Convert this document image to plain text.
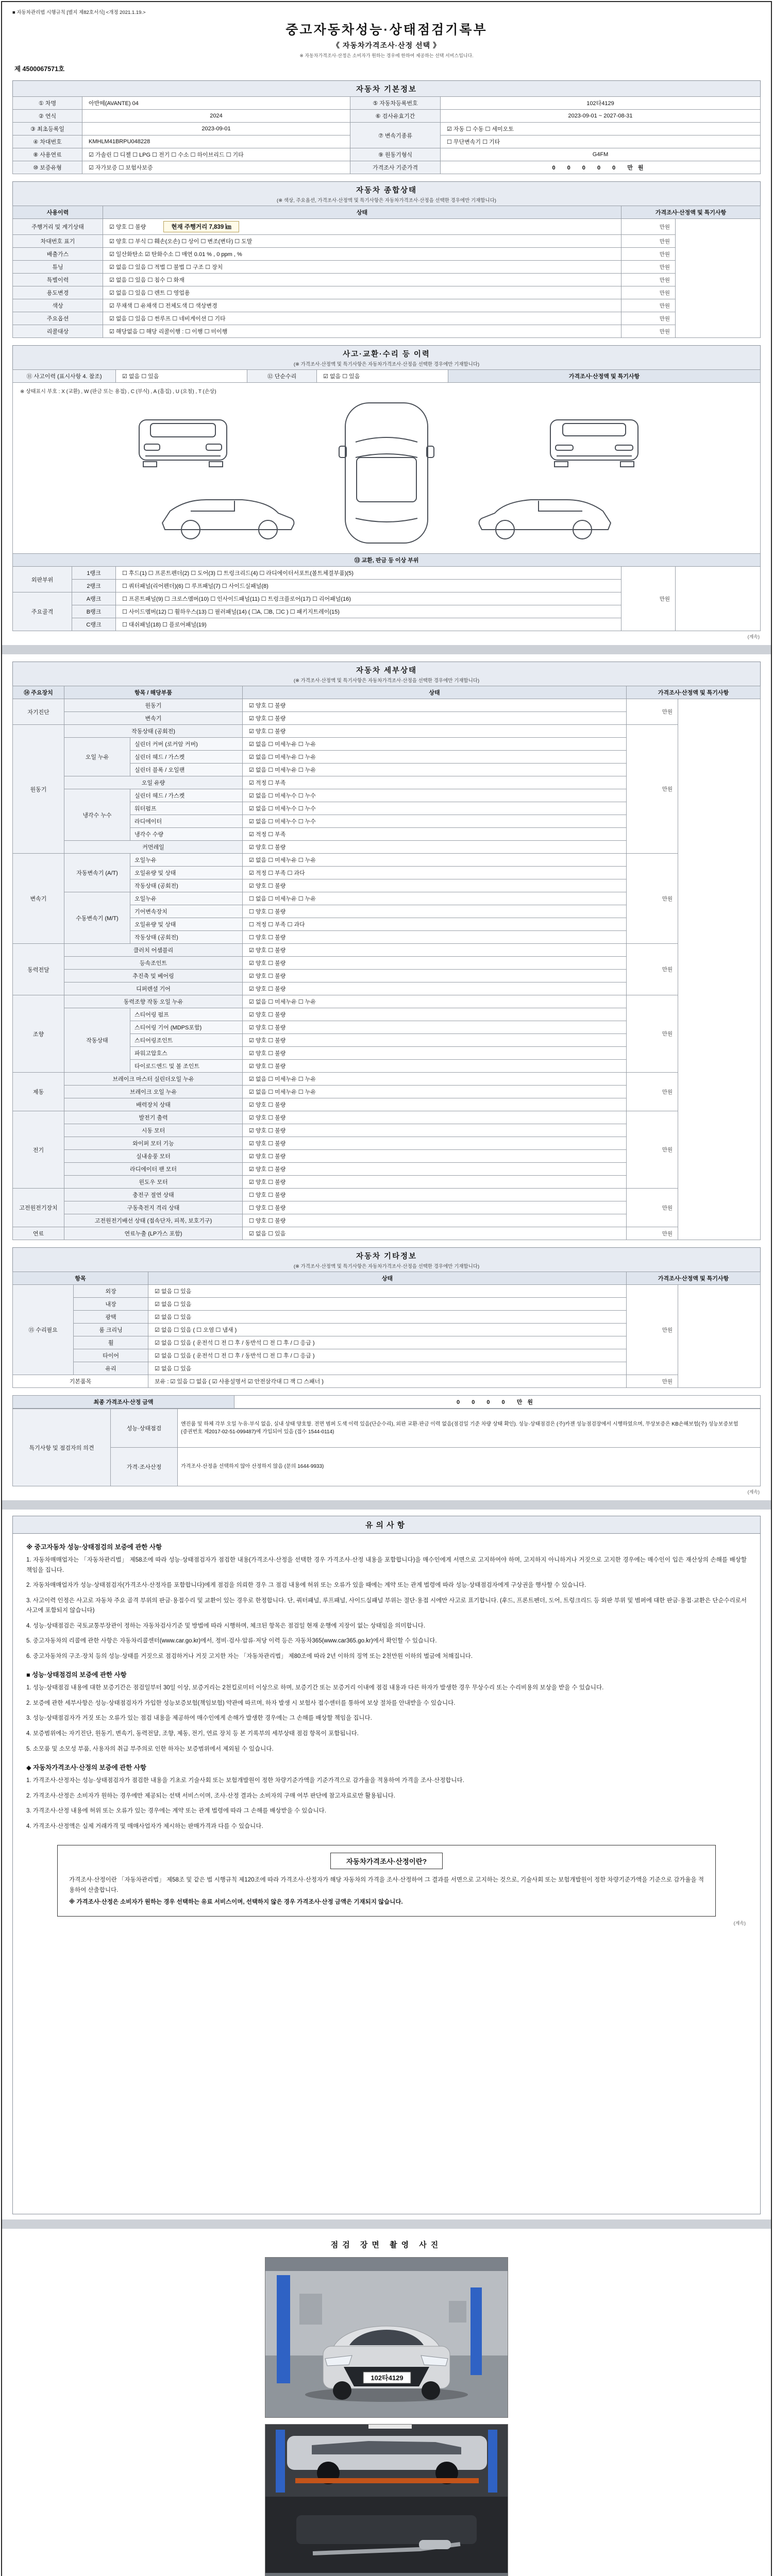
■ 자동차관리법 시행규칙 [별지 제82호서식] <개정 2021.1.19.>
중고자동차성능·상태점검기록부
《 자동차가격조사·산정 선택 》
※ 자동차가격조사·산정은 소비자가 원하는 경우에 한하여 제공하는 선택 서비스입니다.
제 4500067571호
자동차 기본정보
① 차명	아반떼(AVANTE) 04	⑤ 자동차등록번호	102타4129
② 연식	2024	⑥ 검사유효기간	2023-09-01 ~ 2027-08-31
③ 최초등록일	2023-09-01	⑦ 변속기종류	☑ 자동 ☐ 수동 ☐ 세미오토
④ 차대번호	KMHLM41BRPU048228		☐ 무단변속기 ☐ 기타
⑧ 사용연료	☑ 가솔린 ☐ 디젤 ☐ LPG ☐ 전기 ☐ 수소 ☐ 하이브리드 ☐ 기타	⑨ 원동기형식	G4FM
⑩ 보증유형	☑ 자가보증 ☐ 보험사보증	가격조사 기준가격	0 0 0 0 0 만원
자동차 종합상태
(※ 색상, 주요옵션, 가격조사·산정액 및 특기사항은 자동차가격조사·산정을 선택한 경우에만 기재합니다)
사용이력	상태	가격조사·산정액 및 특기사항	
주행거리 및 계기상태	☑ 양호 ☐ 불량 현재 주행거리 7,839 ㎞	만원	
차대번호 표기	☑ 양호 ☐ 부식 ☐ 훼손(오손) ☐ 상이 ☐ 변조(변타) ☐ 도말	만원	
배출가스	☑ 일산화탄소 ☑ 탄화수소 ☐ 매연 0.01 % , 0 ppm , %	만원	
튜닝	☑ 없음 ☐ 있음 ☐ 적법 ☐ 불법 ☐ 구조 ☐ 장치	만원	
특별이력	☑ 없음 ☐ 있음 ☐ 침수 ☐ 화재	만원	
용도변경	☑ 없음 ☐ 있음 ☐ 렌트 ☐ 영업용	만원	
색상	☑ 무채색 ☐ 유채색 ☐ 전체도색 ☐ 색상변경	만원	
주요옵션	☑ 없음 ☐ 있음 ☐ 썬루프 ☐ 네비게이션 ☐ 기타	만원	
리콜대상	☑ 해당없음 ☐ 해당 리콜이행 : ☐ 이행 ☐ 미이행	만원	
사고·교환·수리 등 이력
(※ 가격조사·산정액 및 특기사항은 자동차가격조사·산정을 선택한 경우에만 기재합니다)
⑪ 사고이력 (표시사항 4. 참조)	☑ 없음 ☐ 있음	⑫ 단순수리	☑ 없음 ☐ 있음	가격조사·산정액 및 특기사항

※ 상태표시 부호 : X (교환) , W (판금 또는 용접) , C (부식) , A (흠집) , U (요철) , T (손상)

⑬ 교환, 판금 등 이상 부위				
외판부위	1랭크	☐ 후드(1) ☐ 프론트펜더(2) ☐ 도어(3) ☐ 트렁크리드(4) ☐ 라디에이터서포트(볼트체결부품)(5)	만원	
	2랭크	☐ 쿼터패널(리어펜더)(6) ☐ 루프패널(7) ☐ 사이드실패널(8)		
주요골격	A랭크	☐ 프론트패널(9) ☐ 크로스멤버(10) ☐ 인사이드패널(11) ☐ 트렁크플로어(17) ☐ 리어패널(16)		
	B랭크	☐ 사이드멤버(12) ☐ 휠하우스(13) ☐ 필러패널(14) ( ☐A, ☐B, ☐C ) ☐ 패키지트레이(15)		
	C랭크	☐ 대쉬패널(18) ☐ 플로어패널(19)		
(계속)
자동차 세부상태
(※ 가격조사·산정액 및 특기사항은 자동차가격조사·산정을 선택한 경우에만 기재합니다)
⑭ 주요장치	항목 / 해당부품		상태	가격조사·산정액 및 특기사항	
자기진단	원동기		☑ 양호 ☐ 불량	만원	
	변속기		☑ 양호 ☐ 불량		
원동기	작동상태 (공회전)		☑ 양호 ☐ 불량	만원	
	오일 누유	실린더 커버 (로커암 커버)	☑ 없음 ☐ 미세누유 ☐ 누유		
		실린더 헤드 / 가스켓	☑ 없음 ☐ 미세누유 ☐ 누유		
		실린더 블록 / 오일팬	☑ 없음 ☐ 미세누유 ☐ 누유		
	오일 유량		☑ 적정 ☐ 부족		
	냉각수 누수	실린더 헤드 / 가스켓	☑ 없음 ☐ 미세누수 ☐ 누수		
		워터펌프	☑ 없음 ☐ 미세누수 ☐ 누수		
		라디에이터	☑ 없음 ☐ 미세누수 ☐ 누수		
		냉각수 수량	☑ 적정 ☐ 부족		
	커먼레일		☑ 양호 ☐ 불량		
변속기	자동변속기 (A/T)	오일누유	☑ 없음 ☐ 미세누유 ☐ 누유	만원	
		오일유량 및 상태	☑ 적정 ☐ 부족 ☐ 과다		
		작동상태 (공회전)	☑ 양호 ☐ 불량		
	수동변속기 (M/T)	오일누유	☐ 없음 ☐ 미세누유 ☐ 누유		
		기어변속장치	☐ 양호 ☐ 불량		
		오일유량 및 상태	☐ 적정 ☐ 부족 ☐ 과다		
		작동상태 (공회전)	☐ 양호 ☐ 불량		
동력전달	클러치 어셈블리		☑ 양호 ☐ 불량	만원	
	등속조인트		☑ 양호 ☐ 불량		
	추진축 및 베어링		☑ 양호 ☐ 불량		
	디퍼렌셜 기어		☑ 양호 ☐ 불량		
조향	동력조향 작동 오일 누유		☑ 없음 ☐ 미세누유 ☐ 누유	만원	
	작동상태	스티어링 펌프	☑ 양호 ☐ 불량		
		스티어링 기어 (MDPS포함)	☑ 양호 ☐ 불량		
		스티어링조인트	☑ 양호 ☐ 불량		
		파워고압호스	☑ 양호 ☐ 불량		
		타이로드엔드 및 볼 조인트	☑ 양호 ☐ 불량		
제동	브레이크 마스터 실린더오일 누유		☑ 없음 ☐ 미세누유 ☐ 누유	만원	
	브레이크 오일 누유		☑ 없음 ☐ 미세누유 ☐ 누유		
	배력장치 상태		☑ 양호 ☐ 불량		
전기	발전기 출력		☑ 양호 ☐ 불량	만원	
	시동 모터		☑ 양호 ☐ 불량		
	와이퍼 모터 기능		☑ 양호 ☐ 불량		
	실내송풍 모터		☑ 양호 ☐ 불량		
	라디에이터 팬 모터		☑ 양호 ☐ 불량		
	윈도우 모터		☑ 양호 ☐ 불량		
고전원전기장치	충전구 절연 상태		☐ 양호 ☐ 불량	만원	
	구동축전지 격리 상태		☐ 양호 ☐ 불량		
	고전원전기배선 상태 (접속단자, 피복, 보호기구)		☐ 양호 ☐ 불량		
연료	연료누출 (LP가스 포함)		☑ 없음 ☐ 있음	만원	
자동차 기타정보
(※ 가격조사·산정액 및 특기사항은 자동차가격조사·산정을 선택한 경우에만 기재합니다)
항목		상태	가격조사·산정액 및 특기사항	
⑮ 수리필요	외장	☑ 없음 ☐ 있음	만원	
	내장	☑ 없음 ☐ 있음		
	광택	☑ 없음 ☐ 있음		
	룸 크리닝	☑ 없음 ☐ 있음 ( ☐ 오염 ☐ 냄새 )		
	휠	☑ 없음 ☐ 있음 ( 운전석 ☐ 전 ☐ 후 / 동반석 ☐ 전 ☐ 후 / ☐ 응급 )		
	타이어	☑ 없음 ☐ 있음 ( 운전석 ☐ 전 ☐ 후 / 동반석 ☐ 전 ☐ 후 / ☐ 응급 )		
	유리	☑ 없음 ☐ 있음		
기본품목		보유 : ☑ 있음 ☐ 없음 ( ☑ 사용설명서 ☑ 안전삼각대 ☐ 잭 ☐ 스패너 )	만원	
최종 가격조사·산정 금액	0 0 0 0 만원
특기사항 및 점검자의 의견	성능·상태점검	엔진룸 및 하체 각부 오일 누유·부식 없음, 실내 상태 양호함. 전면 범퍼 도색 이력 있음(단순수리), 외판 교환·판금 이력 없음(점검일 기준 차량 상태 확인). 성능·상태점검은 (주)카젠 성능점검장에서 시행하였으며, 무상보증은 KB손해보험(주) 성능보증보험(증권번호 제2017-02-51-099487)에 가입되어 있음 (접수 1544-0114)
	가격·조사산정	가격조사·산정을 선택하지 않아 산정하지 않음 (문의 1644-9933)
(계속)
유의사항

※ 중고자동차 성능·상태점검의 보증에 관한 사항

1. 자동차매매업자는 「자동차관리법」 제58조에 따라 성능·상태점검자가 점검한 내용(가격조사·산정을 선택한 경우 가격조사·산정 내용을 포함합니다)을 매수인에게 서면으로 고지하여야 하며, 고지하지 아니하거나 거짓으로 고지한 경우에는 매수인이 입은 재산상의 손해를 배상할 책임을 집니다.

2. 자동차매매업자가 성능·상태점검자(가격조사·산정자를 포함합니다)에게 점검을 의뢰한 경우 그 점검 내용에 허위 또는 오류가 있을 때에는 계약 또는 관계 법령에 따라 성능·상태점검자에게 구상권을 행사할 수 있습니다.

3. 사고이력 인정은 사고로 자동차 주요 골격 부위의 판금·용접수리 및 교환이 있는 경우로 한정합니다. 단, 쿼터패널, 루프패널, 사이드실패널 부위는 절단·용접 시에만 사고로 표기합니다. (후드, 프론트펜더, 도어, 트렁크리드 등 외판 부위 및 범퍼에 대한 판금·용접·교환은 단순수리로서 사고에 포함되지 않습니다)

4. 성능·상태점검은 국토교통부장관이 정하는 자동차검사기준 및 방법에 따라 시행하며, 체크된 항목은 점검일 현재 운행에 지장이 없는 상태임을 의미합니다.

5. 중고자동차의 리콜에 관한 사항은 자동차리콜센터(www.car.go.kr)에서, 정비·검사·압류·저당 이력 등은 자동차365(www.car365.go.kr)에서 확인할 수 있습니다.

6. 중고자동차의 구조·장치 등의 성능·상태를 거짓으로 점검하거나 거짓 고지한 자는 「자동차관리법」 제80조에 따라 2년 이하의 징역 또는 2천만원 이하의 벌금에 처해집니다.

■ 성능·상태점검의 보증에 관한 사항

1. 성능·상태점검 내용에 대한 보증기간은 점검일부터 30일 이상, 보증거리는 2천킬로미터 이상으로 하며, 보증기간 또는 보증거리 이내에 점검 내용과 다른 하자가 발생한 경우 무상수리 또는 수리비용의 보상을 받을 수 있습니다.

2. 보증에 관한 세부사항은 성능·상태점검자가 가입한 성능보증보험(책임보험) 약관에 따르며, 하자 발생 시 보험사 접수센터를 통하여 보상 절차를 안내받을 수 있습니다.

3. 성능·상태점검자가 거짓 또는 오류가 있는 점검 내용을 제공하여 매수인에게 손해가 발생한 경우에는 그 손해를 배상할 책임을 집니다.

4. 보증범위에는 자기진단, 원동기, 변속기, 동력전달, 조향, 제동, 전기, 연료 장치 등 본 기록부의 세부상태 점검 항목이 포함됩니다.

5. 소모품 및 소모성 부품, 사용자의 취급 부주의로 인한 하자는 보증범위에서 제외될 수 있습니다.

◆ 자동차가격조사·산정의 보증에 관한 사항

1. 가격조사·산정자는 성능·상태점검자가 점검한 내용을 기초로 기술사회 또는 보험개발원이 정한 차량기준가액을 기준가격으로 감가율을 적용하여 가격을 조사·산정합니다.

2. 가격조사·산정은 소비자가 원하는 경우에만 제공되는 선택 서비스이며, 조사·산정 결과는 소비자의 구매 여부 판단에 참고자료로만 활용됩니다.

3. 가격조사·산정 내용에 허위 또는 오류가 있는 경우에는 계약 또는 관계 법령에 따라 그 손해를 배상받을 수 있습니다.

4. 가격조사·산정액은 실제 거래가격 및 매매사업자가 제시하는 판매가격과 다를 수 있습니다.

자동차가격조사·산정이란?

가격조사·산정이란 「자동차관리법」 제58조 및 같은 법 시행규칙 제120조에 따라 가격조사·산정자가 해당 자동차의 가격을 조사·산정하여 그 결과를 서면으로 고지하는 것으로, 기술사회 또는 보험개발원이 정한 차량기준가액을 기준으로 감가율을 적용하여 산출합니다.

※ 가격조사·산정은 소비자가 원하는 경우 선택하는 유료 서비스이며, 선택하지 않은 경우 가격조사·산정 금액은 기재되지 않습니다.

(계속)
점검 장면 촬영 사진
102타4129
